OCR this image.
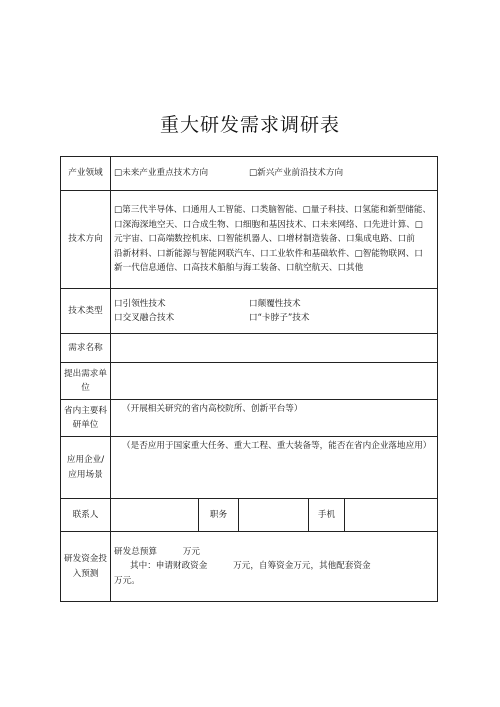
重大研发需求调研表
产业领域	□未来产业重点技术方向 □新兴产业前沿技术方向				

技术方向	□第三代半导体、口通用人工智能、口类脑智能、□量子科技、口氢能和新型储能、
口深海深地空天、口合成生物、口细胞和基因技术、口未来网络、口先进计算、□
元宇宙、口高端数控机床、口智能机器人、口增材制造装备、口集成电路、口前
沿新材料、口新能源与智能网联汽车、口工业软件和基础软件、□智能物联网、口
新一代信息通信、口高技术船舶与海工装备、口航空航天、口其他				

技术类型	口引领性技术 口颠覆性技术
口交叉融合技术 口“卡脖子”技术				

需求名称					
提出需求单位					
省内主要科研单位	（开展相关研究的省内高校院所、创新平台等）				

应用企业/应用场景	（是否应用于国家重大任务、重大工程、重大装备等，能否在省内企业落地应用）				

联系人		职务		手机	
研发资金投入预测	研发总预算　　　万元
其中：申请财政资金　　　万元，自筹资金万元，其他配套资金
万元。				
